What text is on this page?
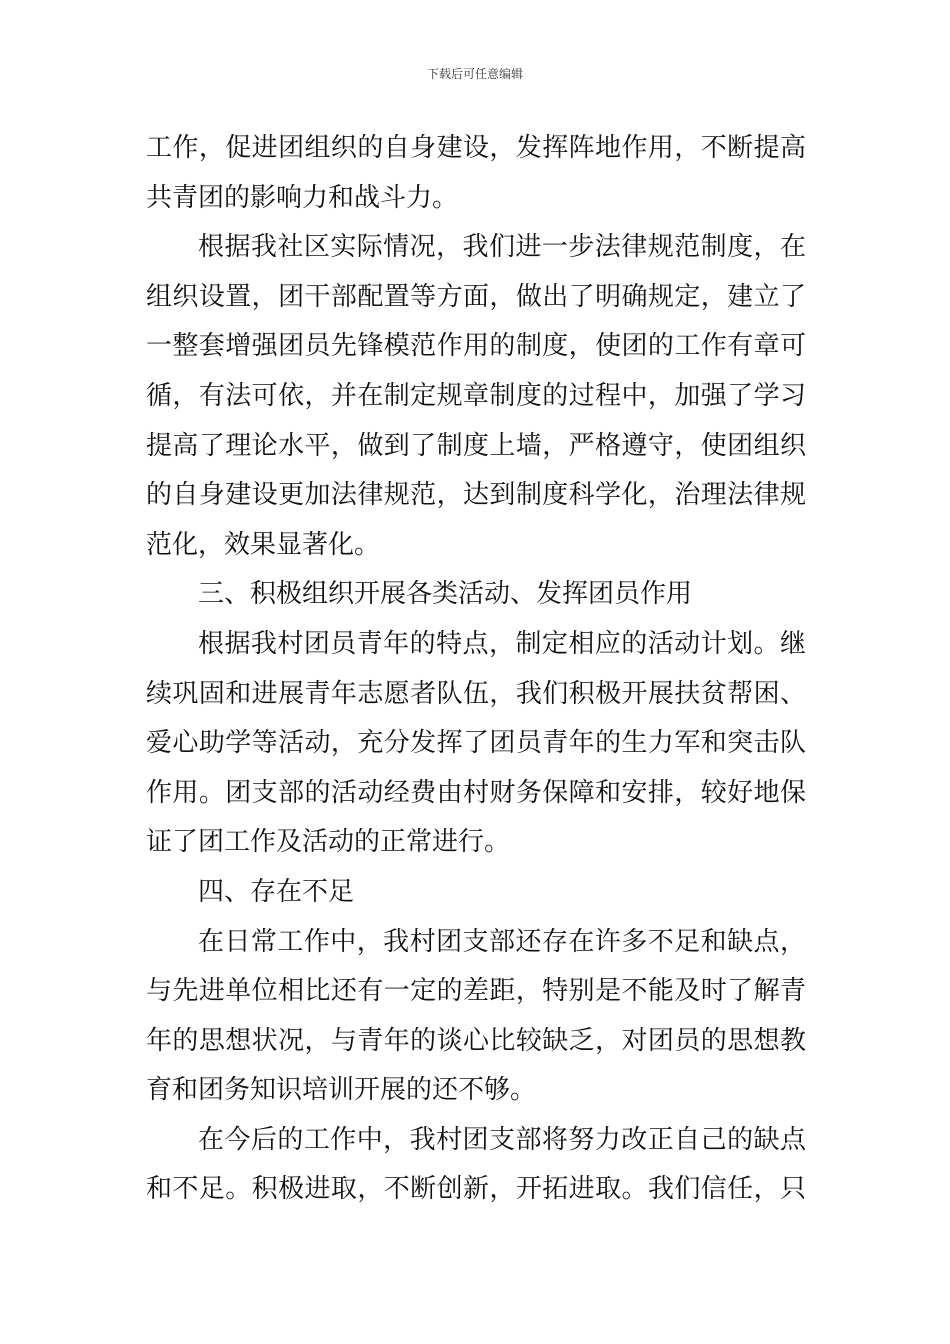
下载后可任意编辑
工作，促进团组织的自身建设，发挥阵地作用，不断提高
共青团的影响力和战斗力。
根据我社区实际情况，我们进一步法律规范制度，在
组织设置，团干部配置等方面，做出了明确规定，建立了
一整套增强团员先锋模范作用的制度，使团的工作有章可
循，有法可依，并在制定规章制度的过程中，加强了学习
提高了理论水平，做到了制度上墙，严格遵守，使团组织
的自身建设更加法律规范，达到制度科学化，治理法律规
范化，效果显著化。
三、积极组织开展各类活动、发挥团员作用
根据我村团员青年的特点，制定相应的活动计划。继
续巩固和进展青年志愿者队伍，我们积极开展扶贫帮困、
爱心助学等活动，充分发挥了团员青年的生力军和突击队
作用。团支部的活动经费由村财务保障和安排，较好地保
证了团工作及活动的正常进行。
四、存在不足
在日常工作中，我村团支部还存在许多不足和缺点，
与先进单位相比还有一定的差距，特别是不能及时了解青
年的思想状况，与青年的谈心比较缺乏，对团员的思想教
育和团务知识培训开展的还不够。
在今后的工作中，我村团支部将努力改正自己的缺点
和不足。积极进取，不断创新，开拓进取。我们信任，只
